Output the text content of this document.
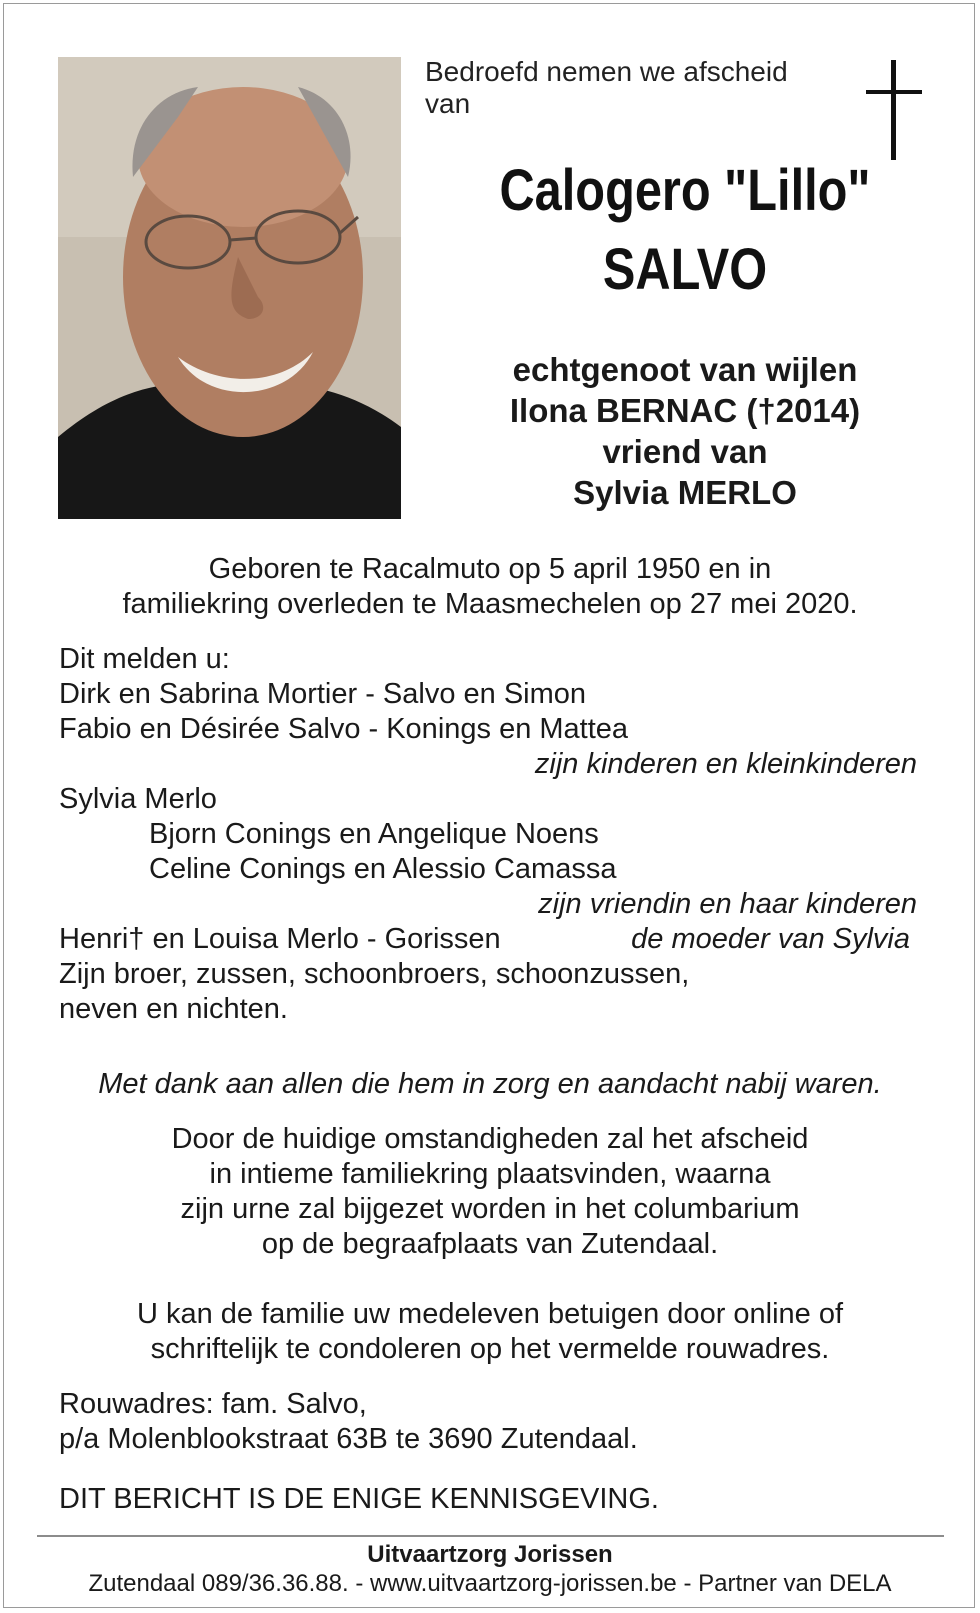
Bedroefd nemen we afscheid
van
Calogero "Lillo"
SALVO
echtgenoot van wijlen
Ilona BERNAC (†2014)
vriend van
Sylvia MERLO
Geboren te Racalmuto op 5 april 1950 en in
familiekring overleden te Maasmechelen op 27 mei 2020.
Dit melden u:
Dirk en Sabrina Mortier - Salvo en Simon
Fabio en Désirée Salvo - Konings en Mattea
zijn kinderen en kleinkinderen
Sylvia Merlo
Bjorn Conings en Angelique Noens
Celine Conings en Alessio Camassa
zijn vriendin en haar kinderen
Henri† en Louisa Merlo - Gorissen	de moeder van Sylvia
Zijn broer, zussen, schoonbroers, schoonzussen,
neven en nichten.
Met dank aan allen die hem in zorg en aandacht nabij waren.
Door de huidige omstandigheden zal het afscheid
in intieme familiekring plaatsvinden, waarna
zijn urne zal bijgezet worden in het columbarium
op de begraafplaats van Zutendaal.
U kan de familie uw medeleven betuigen door online of
schriftelijk te condoleren op het vermelde rouwadres.
Rouwadres: fam. Salvo,
p/a Molenblookstraat 63B te 3690 Zutendaal.
DIT BERICHT IS DE ENIGE KENNISGEVING.
Uitvaartzorg Jorissen
Zutendaal 089/36.36.88. - www.uitvaartzorg-jorissen.be - Partner van DELA
